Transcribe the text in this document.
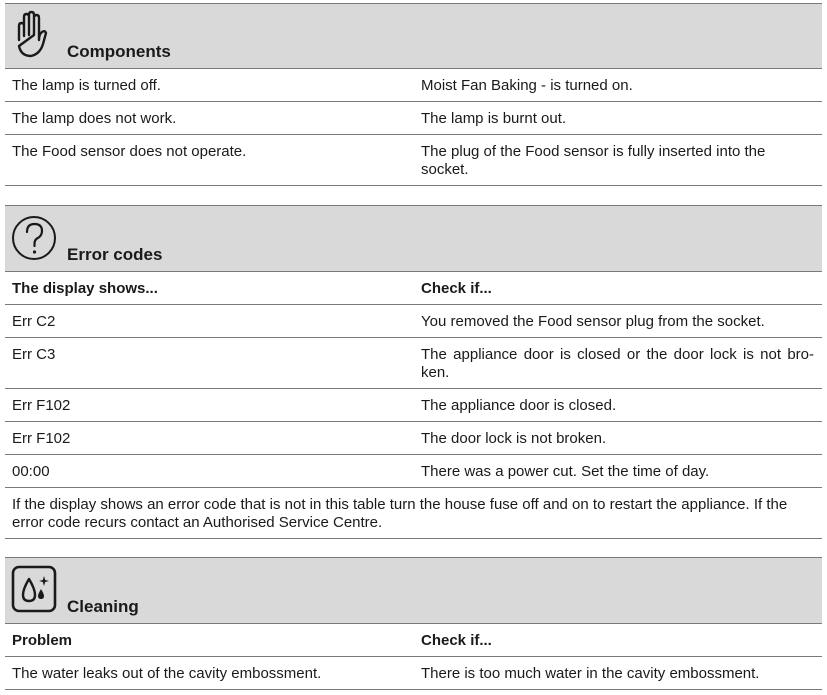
Components
The lamp is turned off.	Moist Fan Baking - is turned on.
The lamp does not work.	The lamp is burnt out.
The Food sensor does not operate.	The plug of the Food sensor is fully inserted into the socket.
Error codes
The display shows...	Check if...
Err C2	You removed the Food sensor plug from the socket.
Err C3	The appliance door is closed or the door lock is not bro-ken.
Err F102	The appliance door is closed.
Err F102	The door lock is not broken.
00:00	There was a power cut. Set the time of day.
If the display shows an error code that is not in this table turn the house fuse off and on to restart the appliance. If the error code recurs contact an Authorised Service Centre.
Cleaning
Problem	Check if...
The water leaks out of the cavity embossment.	There is too much water in the cavity embossment.
